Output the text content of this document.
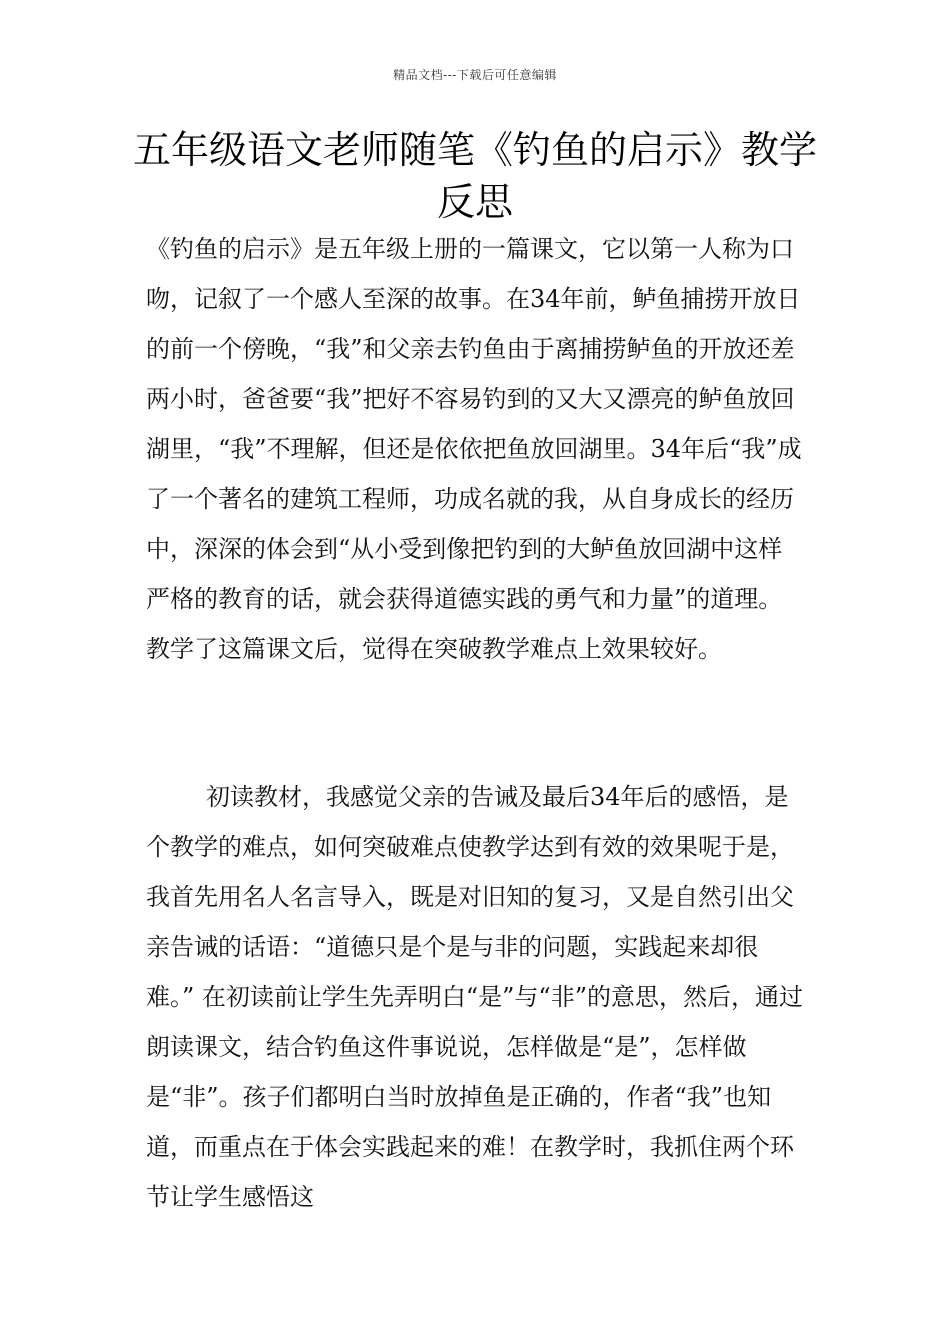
精品文档---下载后可任意编辑
五年级语文老师随笔《钓鱼的启示》教学反思

《钓鱼的启示》是五年级上册的一篇课文，它以第一人称为口吻，记叙了一个感人至深的故事。在34年前，鲈鱼捕捞开放日的前一个傍晚，“我”和父亲去钓鱼由于离捕捞鲈鱼的开放还差两小时，爸爸要“我”把好不容易钓到的又大又漂亮的鲈鱼放回湖里，“我”不理解，但还是依依把鱼放回湖里。34年后“我”成了一个著名的建筑工程师，功成名就的我，从自身成长的经历中，深深的体会到“从小受到像把钓到的大鲈鱼放回湖中这样严格的教育的话，就会获得道德实践的勇气和力量”的道理。教学了这篇课文后，觉得在突破教学难点上效果较好。

初读教材，我感觉父亲的告诫及最后34年后的感悟，是个教学的难点，如何突破难点使教学达到有效的效果呢于是，我首先用名人名言导入，既是对旧知的复习，又是自然引出父亲告诫的话语：“道德只是个是与非的问题，实践起来却很难。” 在初读前让学生先弄明白“是”与“非”的意思，然后，通过朗读课文，结合钓鱼这件事说说，怎样做是“是”，怎样做是“非”。孩子们都明白当时放掉鱼是正确的，作者“我”也知道，而重点在于体会实践起来的难！在教学时，我抓住两个环节让学生感悟这
